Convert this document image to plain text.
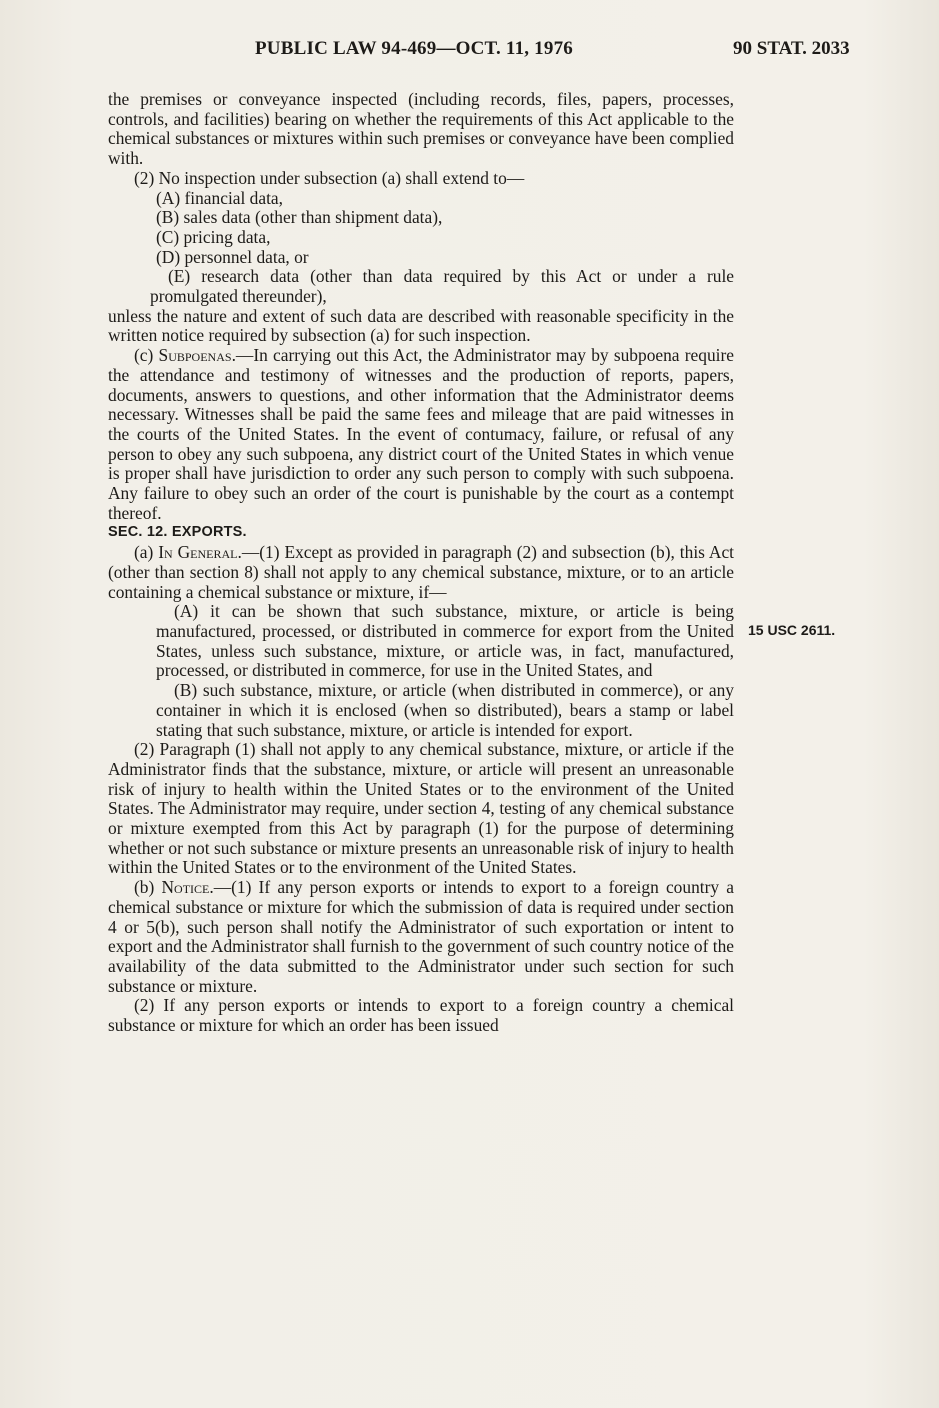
PUBLIC LAW 94-469—OCT. 11, 1976	90 STAT. 2033
15 USC 2611.

the premises or conveyance inspected (including records, files, papers, processes, controls, and facilities) bearing on whether the requirements of this Act applicable to the chemical substances or mixtures within such premises or conveyance have been complied with.

(2) No inspection under subsection (a) shall extend to—

(A) financial data,

(B) sales data (other than shipment data),

(C) pricing data,

(D) personnel data, or

(E) research data (other than data required by this Act or under a rule promulgated thereunder),

unless the nature and extent of such data are described with reasonable specificity in the written notice required by subsection (a) for such inspection.

(c) Subpoenas.—In carrying out this Act, the Administrator may by subpoena require the attendance and testimony of witnesses and the production of reports, papers, documents, answers to questions, and other information that the Administrator deems necessary. Witnesses shall be paid the same fees and mileage that are paid witnesses in the courts of the United States. In the event of contumacy, failure, or refusal of any person to obey any such subpoena, any district court of the United States in which venue is proper shall have jurisdiction to order any such person to comply with such subpoena. Any failure to obey such an order of the court is punishable by the court as a contempt thereof.

SEC. 12. EXPORTS.

(a) In General.—(1) Except as provided in paragraph (2) and subsection (b), this Act (other than section 8) shall not apply to any chemical substance, mixture, or to an article containing a chemical substance or mixture, if—

(A) it can be shown that such substance, mixture, or article is being manufactured, processed, or distributed in commerce for export from the United States, unless such substance, mixture, or article was, in fact, manufactured, processed, or distributed in commerce, for use in the United States, and

(B) such substance, mixture, or article (when distributed in commerce), or any container in which it is enclosed (when so distributed), bears a stamp or label stating that such substance, mixture, or article is intended for export.

(2) Paragraph (1) shall not apply to any chemical substance, mixture, or article if the Administrator finds that the substance, mixture, or article will present an unreasonable risk of injury to health within the United States or to the environment of the United States. The Administrator may require, under section 4, testing of any chemical substance or mixture exempted from this Act by paragraph (1) for the purpose of determining whether or not such substance or mixture presents an unreasonable risk of injury to health within the United States or to the environment of the United States.

(b) Notice.—(1) If any person exports or intends to export to a foreign country a chemical substance or mixture for which the submission of data is required under section 4 or 5(b), such person shall notify the Administrator of such exportation or intent to export and the Administrator shall furnish to the government of such country notice of the availability of the data submitted to the Administrator under such section for such substance or mixture.

(2) If any person exports or intends to export to a foreign country a chemical substance or mixture for which an order has been issued
